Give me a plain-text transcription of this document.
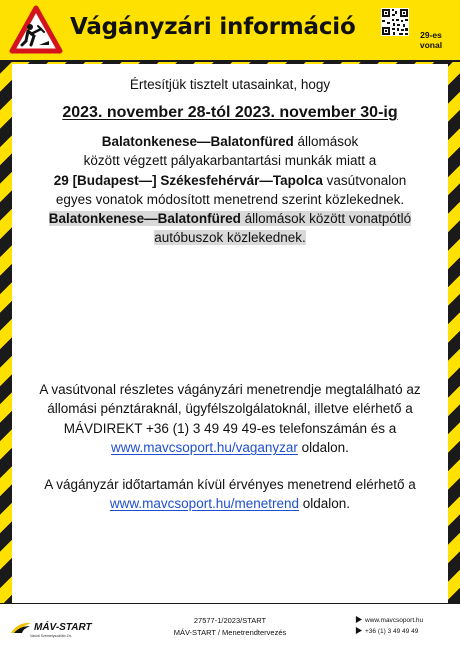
Vágányzári információ	29-es
vonal
Értesítjük tisztelt utasainkat, hogy
2023. november 28-tól 2023. november 30-ig
Balatonkenese—Balatonfüred állomások
között végzett pályakarbantartási munkák miatt a
29 [Budapest—] Székesfehérvár—Tapolca vasútvonalon
egyes vonatok módosított menetrend szerint közlekednek.
Balatonkenese—Balatonfüred állomások között vonatpótló
autóbuszok közlekednek.
A vasútvonal részletes vágányzári menetrendje megtalálható az
állomási pénztáraknál, ügyfélszolgálatoknál, illetve elérhető a
MÁVDIREKT +36 (1) 3 49 49 49-es telefonszámán és a
www.mavcsoport.hu/vaganyzar oldalon.
A vágányzár időtartamán kívül érvényes menetrend elérhető a
www.mavcsoport.hu/menetrend oldalon.
MÁV-START
Vasúti Személyszállító Zrt.
27577-1/2023/START
MÁV-START / Menetrendtervezés
www.mavcsoport.hu
+36 (1) 3 49 49 49
